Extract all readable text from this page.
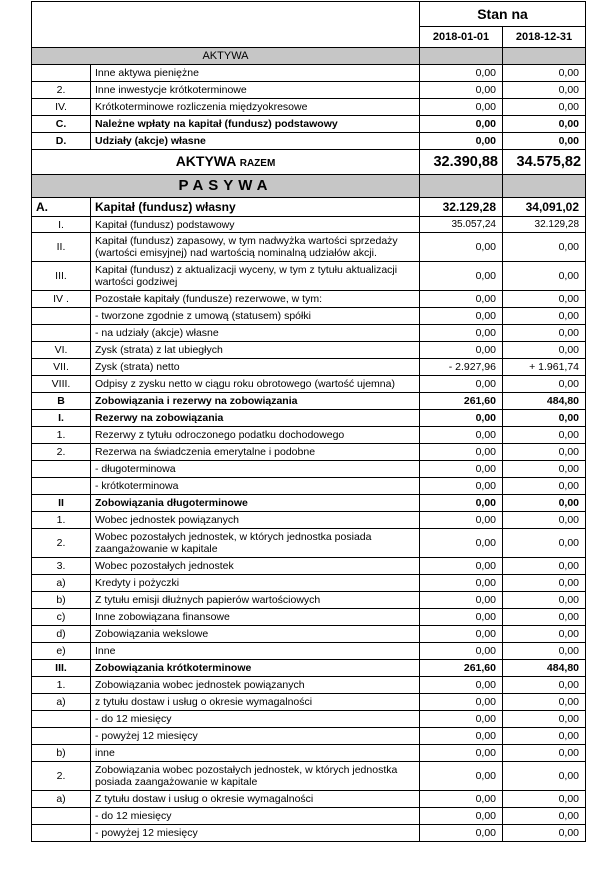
		Stan na	
		2018-01-01	2018-12-31
AKTYWA			
	Inne aktywa pieniężne	0,00	0,00
2.	Inne inwestycje krótkoterminowe	0,00	0,00
IV.	Krótkoterminowe rozliczenia międzyokresowe	0,00	0,00
C.	Należne wpłaty na kapitał (fundusz) podstawowy	0,00	0,00
D.	Udziały (akcje) własne	0,00	0,00
AKTYWA RAZEM		32.390,88	34.575,82
PASYWA			
A.	Kapitał (fundusz) własny	32.129,28	34,091,02
I.	Kapitał (fundusz) podstawowy	35.057,24	32.129,28
II.	Kapitał (fundusz) zapasowy, w tym nadwyżka wartości sprzedaży (wartości emisyjnej) nad wartością nominalną udziałów akcji.	0,00	0,00
III.	Kapitał (fundusz) z aktualizacji wyceny, w tym z tytułu aktualizacji wartości godziwej	0,00	0,00
IV .	Pozostałe kapitały (fundusze) rezerwowe, w tym:	0,00	0,00
	- tworzone zgodnie z umową (statusem) spółki	0,00	0,00
	- na udziały (akcje) własne	0,00	0,00
VI.	Zysk (strata) z lat ubiegłych	0,00	0,00
VII.	Zysk (strata) netto	- 2.927,96	+ 1.961,74
VIII.	Odpisy z zysku netto w ciągu roku obrotowego (wartość ujemna)	0,00	0,00
B	Zobowiązania i rezerwy na zobowiązania	261,60	484,80
I.	Rezerwy na zobowiązania	0,00	0,00
1.	Rezerwy z tytułu odroczonego podatku dochodowego	0,00	0,00
2.	Rezerwa na świadczenia emerytalne i podobne	0,00	0,00
	- długoterminowa	0,00	0,00
	- krótkoterminowa	0,00	0,00
II	Zobowiązania długoterminowe	0,00	0,00
1.	Wobec jednostek powiązanych	0,00	0,00
2.	Wobec pozostałych jednostek, w których jednostka posiada zaangażowanie w kapitale	0,00	0,00
3.	Wobec pozostałych jednostek	0,00	0,00
a)	Kredyty i pożyczki	0,00	0,00
b)	Z tytułu emisji dłużnych papierów wartościowych	0,00	0,00
c)	Inne zobowiązana finansowe	0,00	0,00
d)	Zobowiązania wekslowe	0,00	0,00
e)	Inne	0,00	0,00
III.	Zobowiązania krótkoterminowe	261,60	484,80
1.	Zobowiązania wobec jednostek powiązanych	0,00	0,00
a)	z tytułu dostaw i usług o okresie wymagalności	0,00	0,00
	- do 12 miesięcy	0,00	0,00
	- powyżej 12 miesięcy	0,00	0,00
b)	inne	0,00	0,00
2.	Zobowiązania wobec pozostałych jednostek, w których jednostka posiada zaangażowanie w kapitale	0,00	0,00
a)	Z tytułu dostaw i usług o okresie wymagalności	0,00	0,00
	- do 12 miesięcy	0,00	0,00
	- powyżej 12 miesięcy	0,00	0,00
